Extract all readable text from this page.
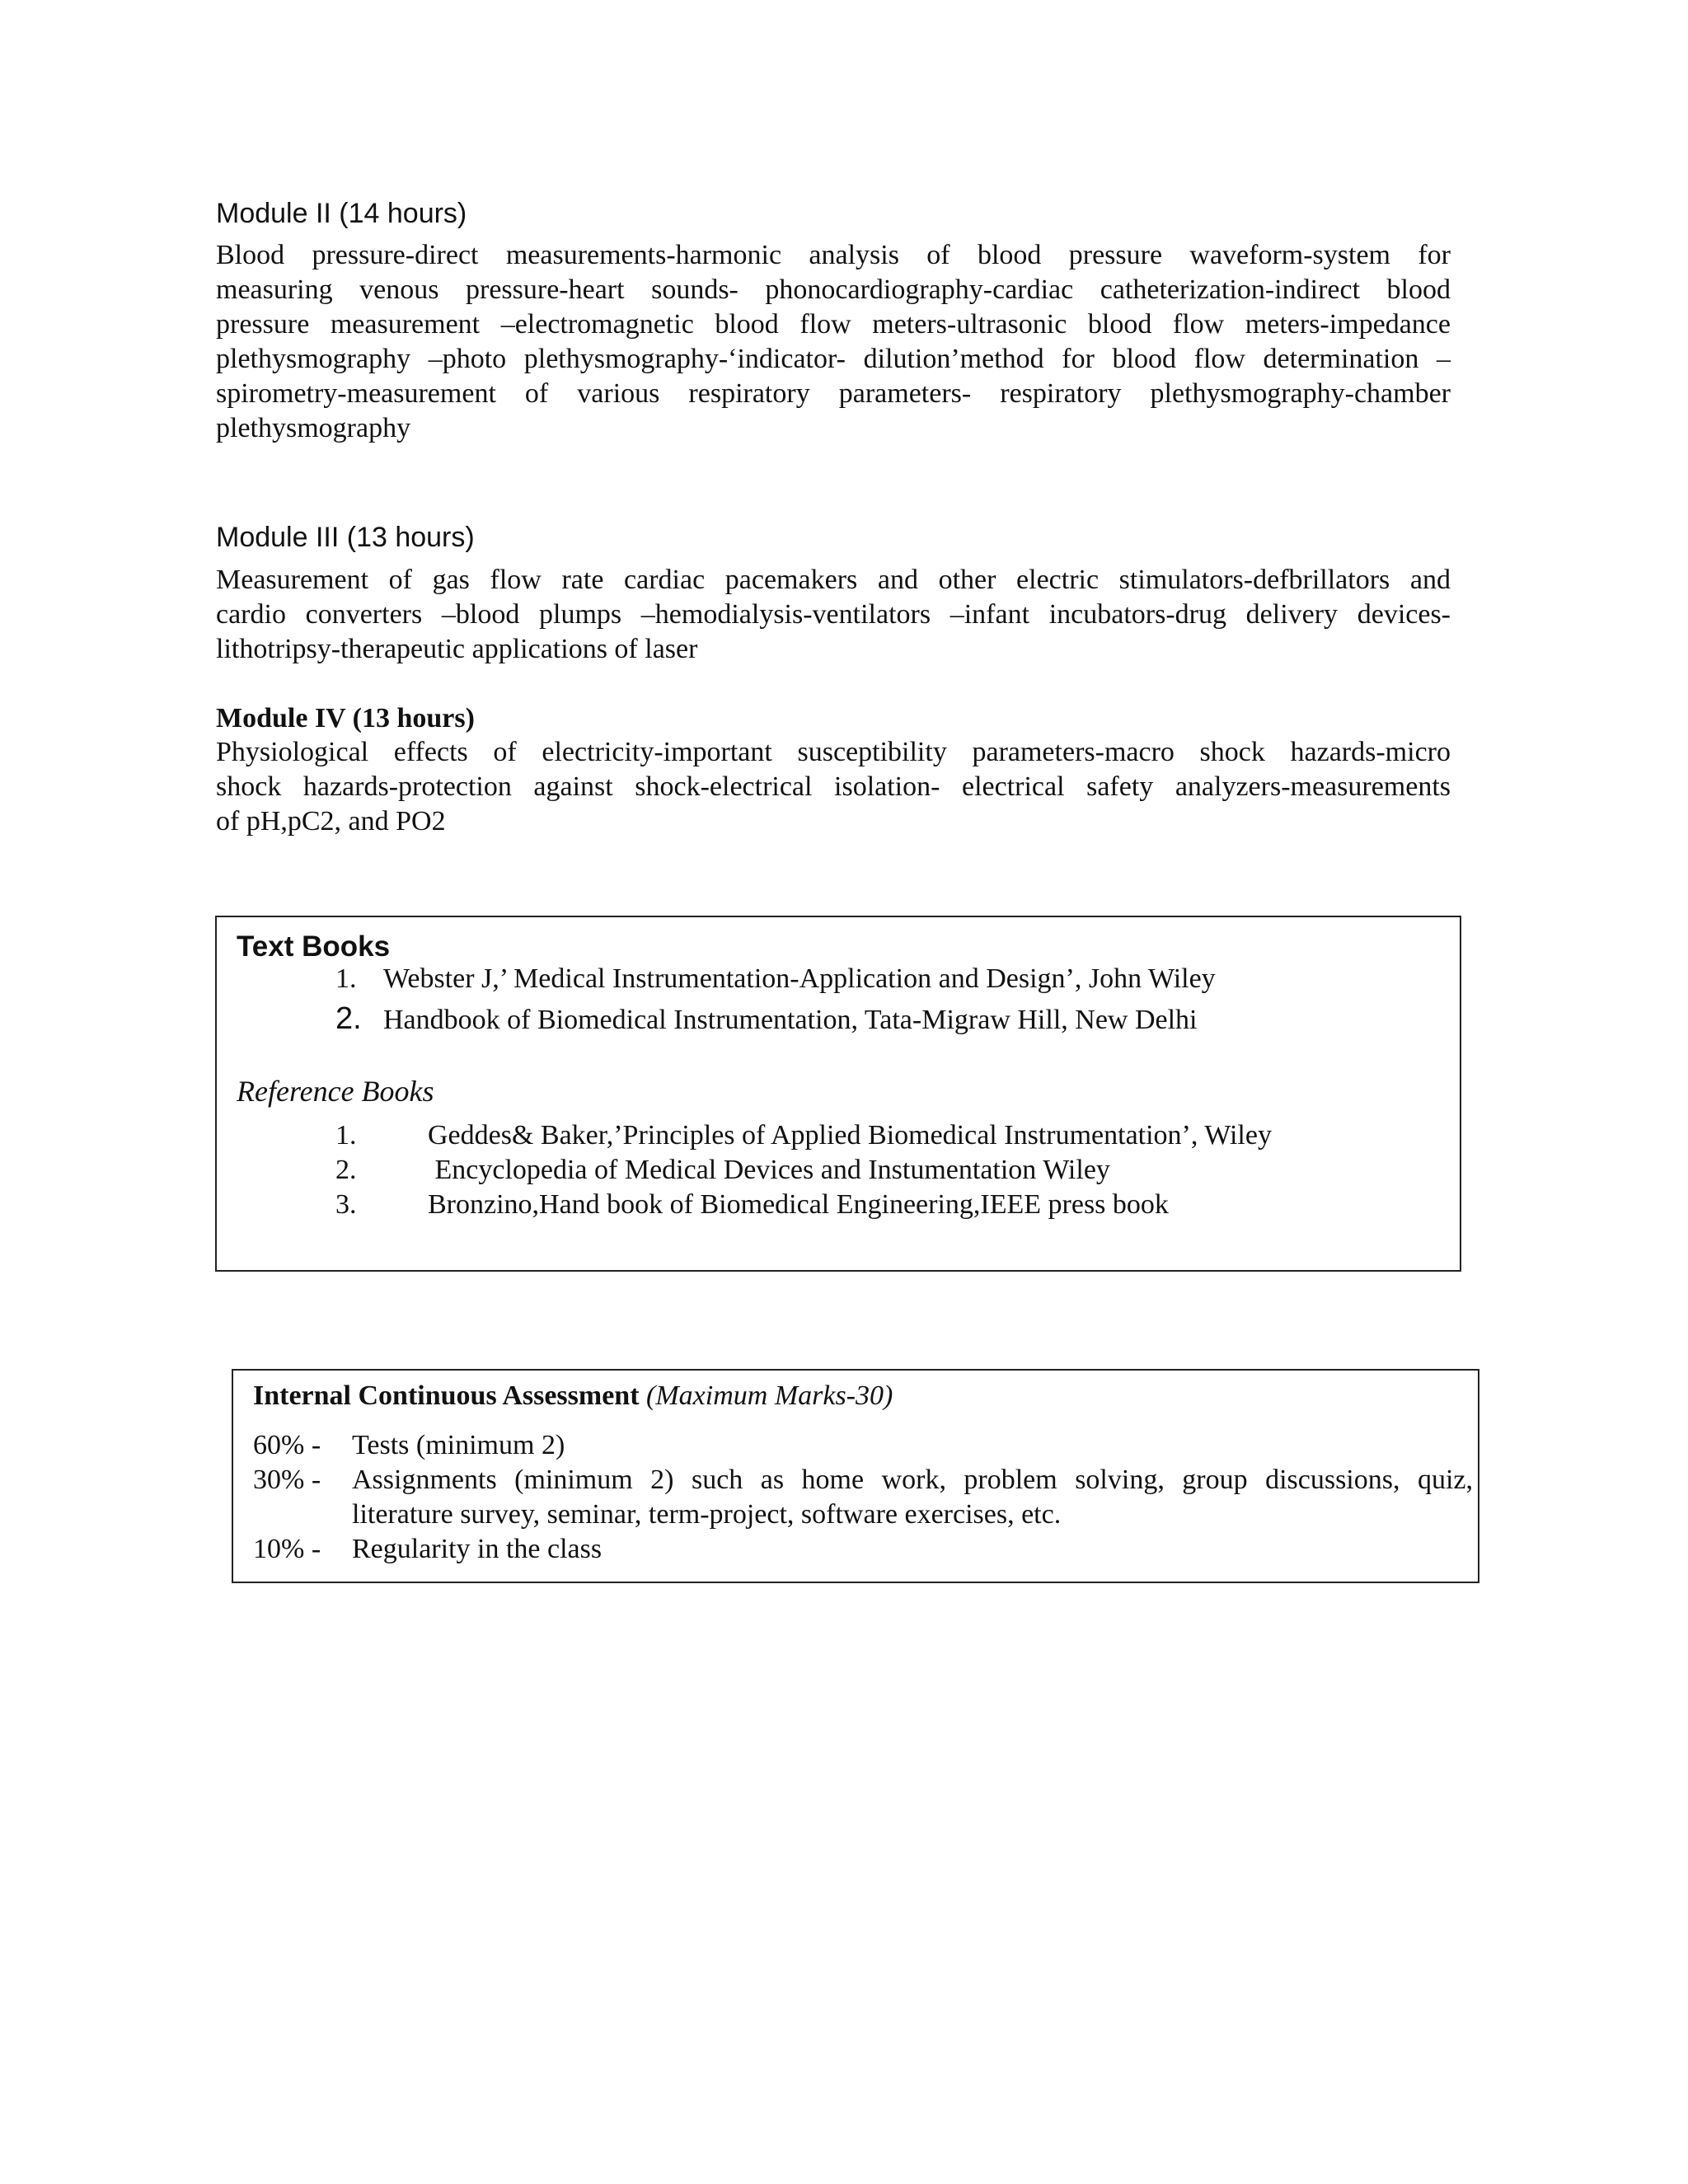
Module II (14 hours)
Blood pressure-direct measurements-harmonic analysis of blood pressure waveform-system for
measuring venous pressure-heart sounds- phonocardiography-cardiac catheterization-indirect blood
pressure measurement –electromagnetic blood flow meters-ultrasonic blood flow meters-impedance
plethysmography –photo plethysmography-‘indicator- dilution’method for blood flow determination –
spirometry-measurement of various respiratory parameters- respiratory plethysmography-chamber
plethysmography
Module III (13 hours)
Measurement of gas flow rate cardiac pacemakers and other electric stimulators-defbrillators and
cardio converters –blood plumps –hemodialysis-ventilators –infant incubators-drug delivery devices-
lithotripsy-therapeutic applications of laser
Module IV (13 hours)
Physiological effects of electricity-important susceptibility parameters-macro shock hazards-micro
shock hazards-protection against shock-electrical isolation- electrical safety analyzers-measurements
of pH,pC2, and PO2
Text Books
1. Webster J,’ Medical Instrumentation-Application and Design’, John Wiley
2. Handbook of Biomedical Instrumentation, Tata-Migraw Hill, New Delhi
Reference Books
1.	Geddes& Baker,’Principles of Applied Biomedical Instrumentation’, Wiley
2.	Encyclopedia of Medical Devices and Instumentation Wiley
3.	Bronzino,Hand book of Biomedical Engineering,IEEE press book
Internal Continuous Assessment (Maximum Marks-30)
60% - Tests (minimum 2)
30% - Assignments (minimum 2) such as home work, problem solving, group discussions, quiz,
literature survey, seminar, term-project, software exercises, etc.
10% - Regularity in the class
